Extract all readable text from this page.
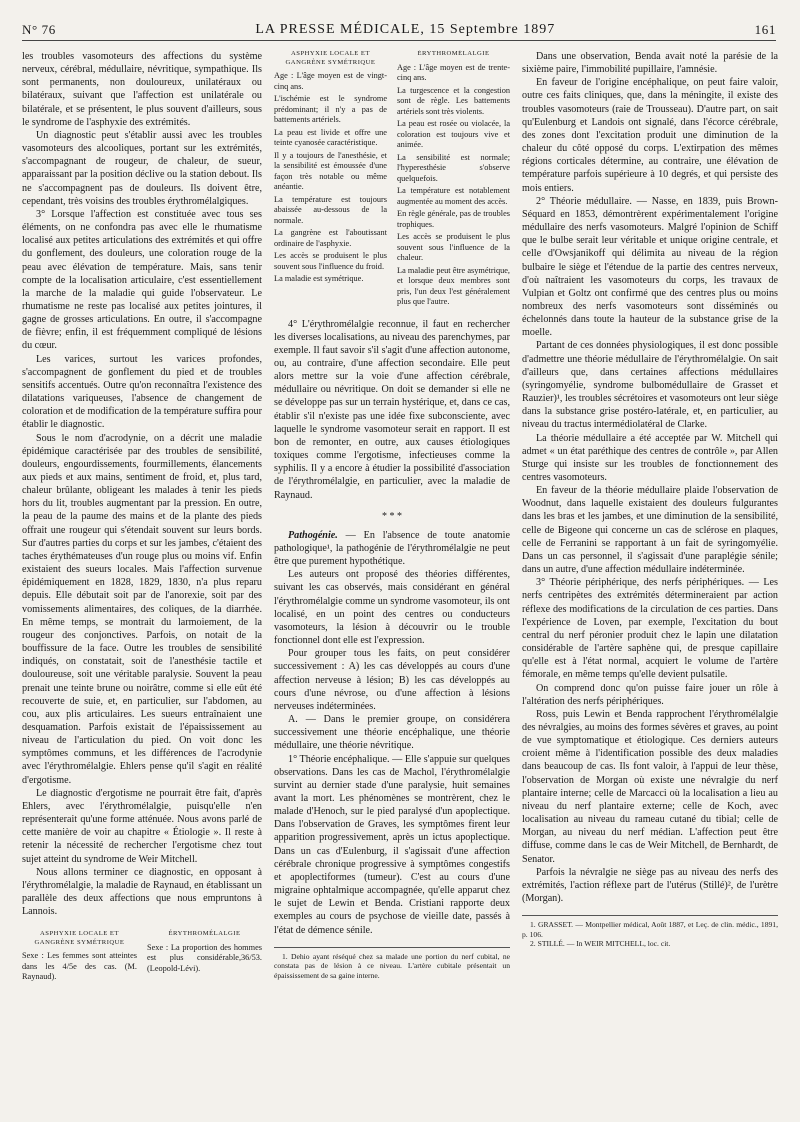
N° 76	LA PRESSE MÉDICALE, 15 Septembre 1897	161

les troubles vasomoteurs des affections du système nerveux, cérébral, médullaire, névritique, sympathique. Ils sont permanents, non douloureux, unilatéraux ou bilatéraux, suivant que l'affection est unilatérale ou bilatérale, et se présentent, le plus souvent d'ailleurs, sous le syndrome de l'asphyxie des extrémités.

Un diagnostic peut s'établir aussi avec les troubles vasomoteurs des alcooliques, portant sur les extrémités, s'accompagnant de rougeur, de chaleur, de sueur, apparaissant par la position déclive ou la station debout. Ils ne s'accompagnent pas de douleurs. Ils doivent être, cependant, très voisins des troubles érythromélalgiques.

3° Lorsque l'affection est constituée avec tous ses éléments, on ne confondra pas avec elle le rhumatisme localisé aux petites articulations des extrémités et qui offre du gonflement, des douleurs, une coloration rouge de la peau avec élévation de température. Mais, sans tenir compte de la localisation articulaire, c'est essentiellement la marche de la maladie qui guide l'observateur. Le rhumatisme ne reste pas localisé aux petites jointures, il gagne de grosses articulations. En outre, il s'accompagne de fièvre; enfin, il est fréquemment compliqué de lésions du cœur.

Les varices, surtout les varices profondes, s'accompagnent de gonflement du pied et de troubles sensitifs accentués. Outre qu'on reconnaîtra l'existence des dilatations variqueuses, l'absence de changement de coloration et de modification de la température suffira pour établir le diagnostic.

Sous le nom d'acrodynie, on a décrit une maladie épidémique caractérisée par des troubles de sensibilité, douleurs, engourdissements, fourmillements, élancements aux pieds et aux mains, sentiment de froid, et, plus tard, chaleur brûlante, obligeant les malades à tenir les pieds hors du lit, troubles augmentant par la pression. En outre, la peau de la paume des mains et de la plante des pieds offrait une rougeur qui s'étendait souvent sur leurs bords. Sur d'autres parties du corps et sur les jambes, c'étaient des taches érythémateuses d'un rouge plus ou moins vif. Enfin existaient des sueurs locales. Mais l'affection survenue épidémiquement en 1828, 1829, 1830, n'a plus reparu depuis. Elle débutait soit par de l'anorexie, soit par des vomissements alimentaires, des coliques, de la diarrhée. En même temps, se montrait du larmoiement, de la rougeur des conjonctives. Parfois, on notait de la bouffissure de la face. Outre les troubles de sensibilité indiqués, on constatait, soit de l'anesthésie tactile et douloureuse, soit une véritable paralysie. Souvent la peau prenait une teinte brune ou noirâtre, comme si elle eût été recouverte de suie, et, en particulier, sur l'abdomen, au cou, aux plis articulaires. Les sueurs entraînaient une desquamation. Parfois existait de l'épaississement au niveau de l'articulation du pied. On voit donc les symptômes communs, et les différences de l'acrodynie avec l'érythromélalgie. Ehlers pense qu'il s'agit en réalité d'ergotisme.

Le diagnostic d'ergotisme ne pourrait être fait, d'après Ehlers, avec l'érythromélalgie, puisqu'elle n'en représenterait qu'une forme atténuée. Nous avons parlé de cette manière de voir au chapitre « Étiologie ». Il reste à retenir la nécessité de rechercher l'ergotisme chez tout sujet atteint du syndrome de Weir Mitchell.

Nous allons terminer ce diagnostic, en opposant à l'érythromélalgie, la maladie de Raynaud, en établissant un parallèle des deux affections que nous empruntons à Lannois.

ASPHYXIE LOCALE ET GANGRÈNE SYMÉTRIQUE

Sexe : Les femmes sont atteintes dans les 4/5e des cas. (M. Raynaud).

ÉRYTHROMÉLALGIE

Sexe : La proportion des hommes est plus considérable,36/53.(Leopold-Lévi).

ASPHYXIE LOCALE ET GANGRÈNE SYMÉTRIQUE

Age : L'âge moyen est de vingt-cinq ans.

L'ischémie est le syndrome prédominant; il n'y a pas de battements artériels.

La peau est livide et offre une teinte cyanosée caractéristique.

Il y a toujours de l'anesthésie, et la sensibilité est émoussée d'une façon très notable ou même anéantie.

La température est toujours abaissée au-dessous de la normale.

La gangrène est l'aboutissant ordinaire de l'asphyxie.

Les accès se produisent le plus souvent sous l'influence du froid.

La maladie est symétrique.

ÉRYTHROMÉLALGIE

Age : L'âge moyen est de trente-cinq ans.

La turgescence et la congestion sont de règle. Les battements artériels sont très violents.

La peau est rosée ou violacée, la coloration est toujours vive et animée.

La sensibilité est normale; l'hyperesthésie s'observe quelquefois.

La température est notablement augmentée au moment des accès.

En règle générale, pas de troubles trophiques.

Les accès se produisent le plus souvent sous l'influence de la chaleur.

La maladie peut être asymétrique, et lorsque deux membres sont pris, l'un deux l'est généralement plus que l'autre.

4° L'érythromélalgie reconnue, il faut en rechercher les diverses localisations, au niveau des parenchymes, par exemple. Il faut savoir s'il s'agit d'une affection autonome, ou, au contraire, d'une affection secondaire. Elle peut alors mettre sur la voie d'une affection cérébrale, médullaire ou névritique. On doit se demander si elle ne se développe pas sur un terrain hystérique, et, dans ce cas, établir s'il n'existe pas une idée fixe subconsciente, avec laquelle le syndrome vasomoteur serait en rapport. Il est bon de remonter, en outre, aux causes étiologiques toxiques comme l'ergotisme, infectieuses comme la syphilis. Il y a encore à étudier la possibilité d'association de l'érythromélalgie, en particulier, avec la maladie de Raynaud.

* * *

Pathogénie. — En l'absence de toute anatomie pathologique¹, la pathogénie de l'érythromélalgie ne peut être que purement hypothétique.

Les auteurs ont proposé des théories différentes, suivant les cas observés, mais considérant en général l'érythromélalgie comme un syndrome vasomoteur, ils ont localisé, en un point des centres ou conducteurs vasomoteurs, la lésion à découvrir ou le trouble fonctionnel dont elle est l'expression.

Pour grouper tous les faits, on peut considérer successivement : A) les cas développés au cours d'une affection nerveuse à lésion; B) les cas développés au cours d'une névrose, ou d'une affection à lésions nerveuses indéterminées.

A. — Dans le premier groupe, on considérera successivement une théorie encéphalique, une théorie médullaire, une théorie névritique.

1° Théorie encéphalique. — Elle s'appuie sur quelques observations. Dans les cas de Machol, l'érythromélalgie survint au dernier stade d'une paralysie, huit semaines avant la mort. Les phénomènes se montrèrent, chez le malade d'Henoch, sur le pied paralysé d'un apoplectique. Dans l'observation de Graves, les symptômes firent leur apparition progressivement, après un ictus apoplectique. Dans un cas d'Eulenburg, il s'agissait d'une affection cérébrale chronique progressive à symptômes congestifs et apoplectiformes (tumeur). C'est au cours d'une migraine ophtalmique accompagnée, qu'elle apparut chez le sujet de Lewin et Benda. Cristiani rapporte deux exemples au cours de psychose de vieille date, passés à l'état de démence sénile.

1. Dehio ayant réséqué chez sa malade une portion du nerf cubital, ne constata pas de lésion à ce niveau. L'artère cubitale présentait un épaississement de sa gaine interne.

Dans une observation, Benda avait noté la parésie de la sixième paire, l'immobilité pupillaire, l'amnésie.

En faveur de l'origine encéphalique, on peut faire valoir, outre ces faits cliniques, que, dans la méningite, il existe des troubles vasomoteurs (raie de Trousseau). D'autre part, on sait qu'Eulenburg et Landois ont signalé, dans l'écorce cérébrale, des zones dont l'excitation produit une diminution de la chaleur du côté opposé du corps. L'extirpation des mêmes régions corticales détermine, au contraire, une élévation de température parfois supérieure à 10 degrés, et qui persiste des mois entiers.

2° Théorie médullaire. — Nasse, en 1839, puis Brown-Séquard en 1853, démontrèrent expérimentalement l'origine médullaire des nerfs vasomoteurs. Malgré l'opinion de Schiff que le bulbe serait leur véritable et unique origine centrale, et celle d'Owsjanikoff qui délimita au niveau de la région bulbaire le siège et l'étendue de la partie des centres nerveux, d'où naîtraient les vasomoteurs du corps, les travaux de Vulpian et Goltz ont confirmé que des centres plus ou moins nombreux des nerfs vasomoteurs sont disséminés ou échelonnés dans toute la hauteur de la substance grise de la moelle.

Partant de ces données physiologiques, il est donc possible d'admettre une théorie médullaire de l'érythromélalgie. On sait d'ailleurs que, dans certaines affections médullaires (syringomyélie, syndrome bulbomédullaire de Grasset et Rauzier)¹, les troubles sécrétoires et vasomoteurs ont leur siège dans la substance grise postéro-latérale, et, en particulier, au niveau du tractus intermédiolatéral de Clarke.

La théorie médullaire a été acceptée par W. Mitchell qui admet « un état paréthique des centres de contrôle », par Allen Sturge qui insiste sur les troubles de fonctionnement des centres vasomoteurs.

En faveur de la théorie médullaire plaide l'observation de Woodnut, dans laquelle existaient des douleurs fulgurantes dans les bras et les jambes, et une diminution de la sensibilité, celle de Bigeone qui concerne un cas de sclérose en plaques, celle de Ferranini se rapportant à un fait de syringomyélie. Dans un cas personnel, il s'agissait d'une paraplégie sénile; dans un autre, d'une affection médullaire indéterminée.

3° Théorie périphérique, des nerfs périphériques. — Les nerfs centripètes des extrémités détermineraient par action réflexe des modifications de la circulation de ces parties. Dans l'expérience de Loven, par exemple, l'excitation du bout central du nerf péronier produit chez le lapin une dilatation considérable de l'artère saphène qui, de presque capillaire qu'elle est à l'état normal, acquiert le volume de l'artère fémorale, en même temps qu'elle devient pulsatile.

On comprend donc qu'on puisse faire jouer un rôle à l'altération des nerfs périphériques.

Ross, puis Lewin et Benda rapprochent l'érythromélalgie des névralgies, au moins des formes sévères et graves, au point de vue symptomatique et étiologique. Ces derniers auteurs croient même à l'identification possible des deux maladies dans beaucoup de cas. Ils font valoir, à l'appui de leur thèse, l'observation de Morgan où existe une névralgie du nerf plantaire interne; celle de Marcacci où la localisation a lieu au niveau du nerf plantaire externe; celle de Koch, avec localisation au niveau du rameau cutané du tibial; celle de Morgan, au niveau du nerf médian. L'affection peut être diffuse, comme dans le cas de Weir Mitchell, de Bernhardt, de Senator.

Parfois la névralgie ne siège pas au niveau des nerfs des extrémités, l'action réflexe part de l'utérus (Stillé)², de l'urètre (Morgan).

1. GRASSET. — Montpellier médical, Août 1887, et Leç. de clin. médic., 1891, p. 106.

2. STILLÉ. — In WEIR MITCHELL, loc. cit.
